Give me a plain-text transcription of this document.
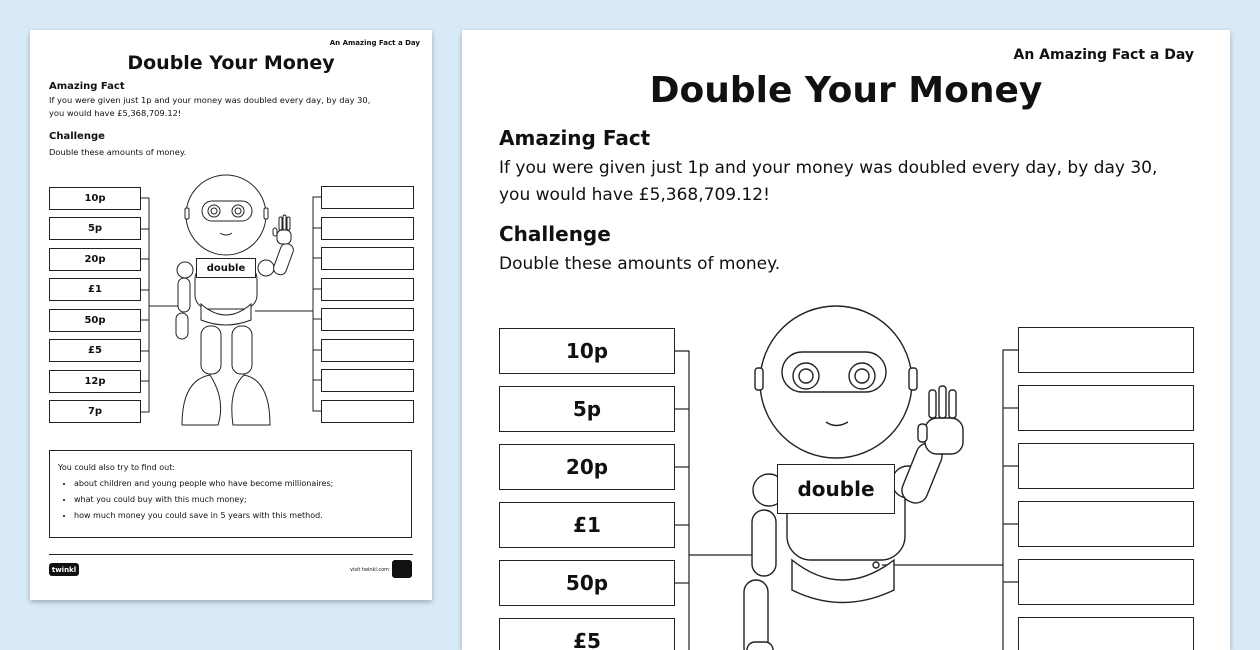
An Amazing Fact a Day
Double Your Money
Amazing Fact
If you were given just 1p and your money was doubled every day, by day 30,
you would have £5,368,709.12!
Challenge
Double these amounts of money.
10p
5p
20p
£1
50p
£5
12p
7p
double
You could also try to find out:
• about children and young people who have become millionaires;
• what you could buy with this much money;
• how much money you could save in 5 years with this method.
twinkl	visit twinkl.com
An Amazing Fact a Day
Double Your Money
Amazing Fact
If you were given just 1p and your money was doubled every day, by day 30,
you would have £5,368,709.12!
Challenge
Double these amounts of money.
10p
5p
20p
£1
50p
£5
double
